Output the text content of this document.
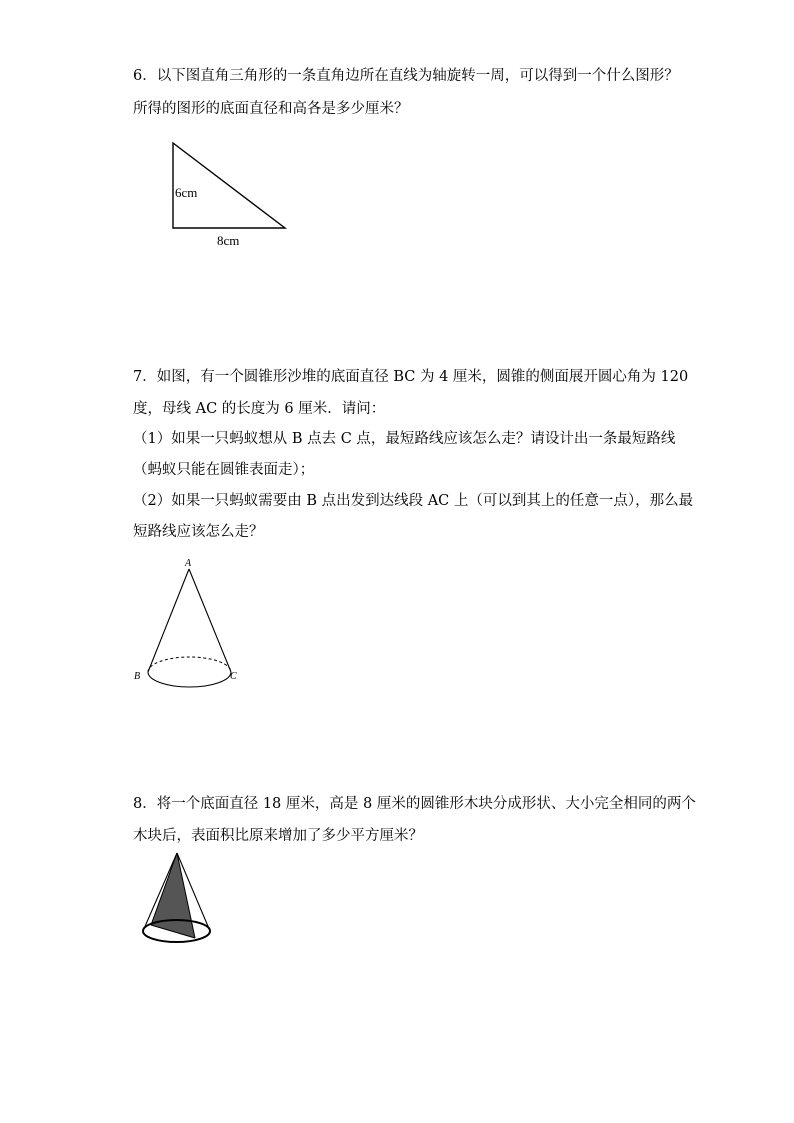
6．以下图直角三角形的一条直角边所在直线为轴旋转一周，可以得到一个什么图形？
所得的图形的底面直径和高各是多少厘米？
6cm
8cm
7．如图，有一个圆锥形沙堆的底面直径 BC 为 4 厘米，圆锥的侧面展开圆心角为 120
度，母线 AC 的长度为 6 厘米．请问：
（1）如果一只蚂蚁想从 B 点去 C 点，最短路线应该怎么走？请设计出一条最短路线
（蚂蚁只能在圆锥表面走）；
（2）如果一只蚂蚁需要由 B 点出发到达线段 AC 上（可以到其上的任意一点），那么最
短路线应该怎么走？
A
B	C
8．将一个底面直径 18 厘米，高是 8 厘米的圆锥形木块分成形状、大小完全相同的两个
木块后，表面积比原来增加了多少平方厘米？
